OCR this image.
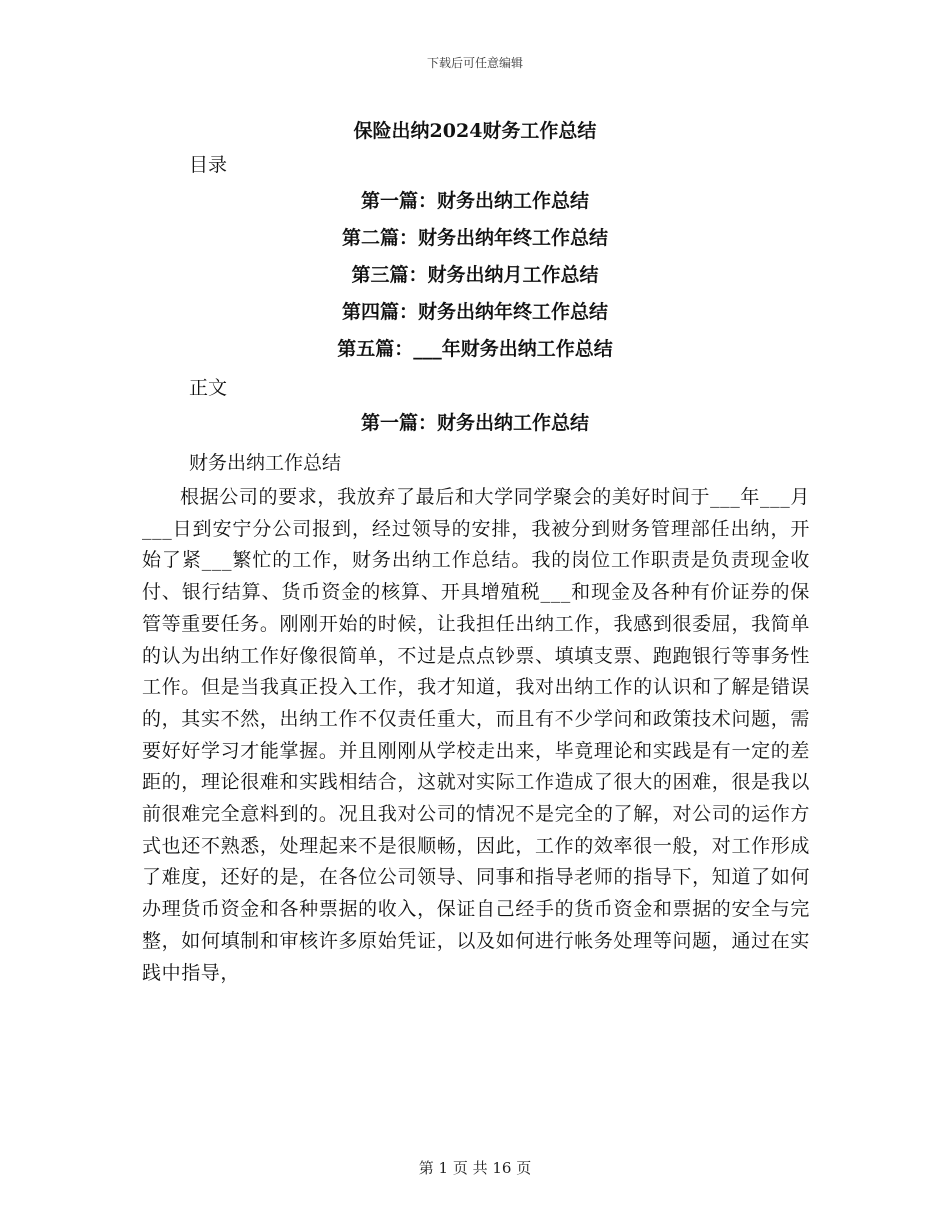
下载后可任意编辑
保险出纳2024财务工作总结

目录

第一篇：财务出纳工作总结
第二篇：财务出纳年终工作总结
第三篇：财务出纳月工作总结
第四篇：财务出纳年终工作总结
第五篇：___年财务出纳工作总结

正文

第一篇：财务出纳工作总结

财务出纳工作总结

根据公司的要求，我放弃了最后和大学同学聚会的美好时间于___年___月___日到安宁分公司报到，经过领导的安排，我被分到财务管理部任出纳，开始了紧___繁忙的工作，财务出纳工作总结。我的岗位工作职责是负责现金收付、银行结算、货币资金的核算、开具增殖税___和现金及各种有价证券的保管等重要任务。刚刚开始的时候，让我担任出纳工作，我感到很委屈，我简单的认为出纳工作好像很简单，不过是点点钞票、填填支票、跑跑银行等事务性工作。但是当我真正投入工作，我才知道，我对出纳工作的认识和了解是错误的，其实不然，出纳工作不仅责任重大，而且有不少学问和政策技术问题，需要好好学习才能掌握。并且刚刚从学校走出来，毕竟理论和实践是有一定的差距的，理论很难和实践相结合，这就对实际工作造成了很大的困难，很是我以前很难完全意料到的。况且我对公司的情况不是完全的了解，对公司的运作方式也还不熟悉，处理起来不是很顺畅，因此，工作的效率很一般，对工作形成了难度，还好的是，在各位公司领导、同事和指导老师的指导下，知道了如何办理货币资金和各种票据的收入，保证自己经手的货币资金和票据的安全与完整，如何填制和审核许多原始凭证，以及如何进行帐务处理等问题，通过在实践中指导，

第 1 页 共 16 页
